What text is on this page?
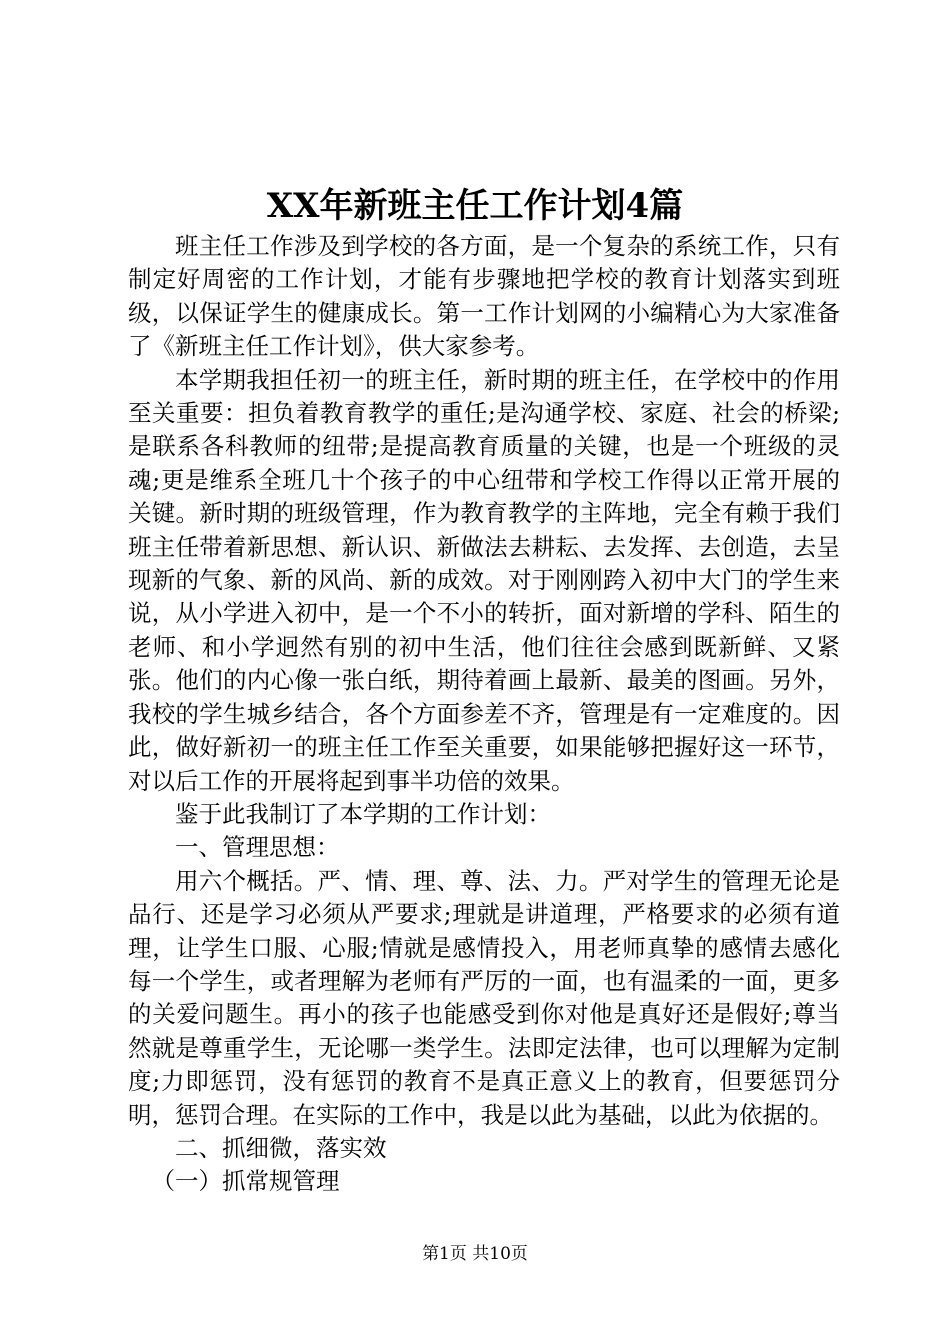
XX年新班主任工作计划4篇

班主任工作涉及到学校的各方面，是一个复杂的系统工作，只有制定好周密的工作计划，才能有步骤地把学校的教育计划落实到班级，以保证学生的健康成长。第一工作计划网的小编精心为大家准备了《新班主任工作计划》，供大家参考。

本学期我担任初一的班主任，新时期的班主任，在学校中的作用至关重要：担负着教育教学的重任;是沟通学校、家庭、社会的桥梁;是联系各科教师的纽带;是提高教育质量的关键，也是一个班级的灵魂;更是维系全班几十个孩子的中心纽带和学校工作得以正常开展的关键。新时期的班级管理，作为教育教学的主阵地，完全有赖于我们班主任带着新思想、新认识、新做法去耕耘、去发挥、去创造，去呈现新的气象、新的风尚、新的成效。对于刚刚跨入初中大门的学生来说，从小学进入初中，是一个不小的转折，面对新增的学科、陌生的老师、和小学迥然有别的初中生活，他们往往会感到既新鲜、又紧张。他们的内心像一张白纸，期待着画上最新、最美的图画。另外，我校的学生城乡结合，各个方面参差不齐，管理是有一定难度的。因此，做好新初一的班主任工作至关重要，如果能够把握好这一环节，对以后工作的开展将起到事半功倍的效果。

鉴于此我制订了本学期的工作计划：

一、管理思想：

用六个概括。严、情、理、尊、法、力。严对学生的管理无论是品行、还是学习必须从严要求;理就是讲道理，严格要求的必须有道理，让学生口服、心服;情就是感情投入，用老师真挚的感情去感化每一个学生，或者理解为老师有严厉的一面，也有温柔的一面，更多的关爱问题生。再小的孩子也能感受到你对他是真好还是假好;尊当然就是尊重学生，无论哪一类学生。法即定法律，也可以理解为定制度;力即惩罚，没有惩罚的教育不是真正意义上的教育，但要惩罚分明，惩罚合理。在实际的工作中，我是以此为基础，以此为依据的。

二、抓细微，落实效

（一）抓常规管理

第1页 共10页
